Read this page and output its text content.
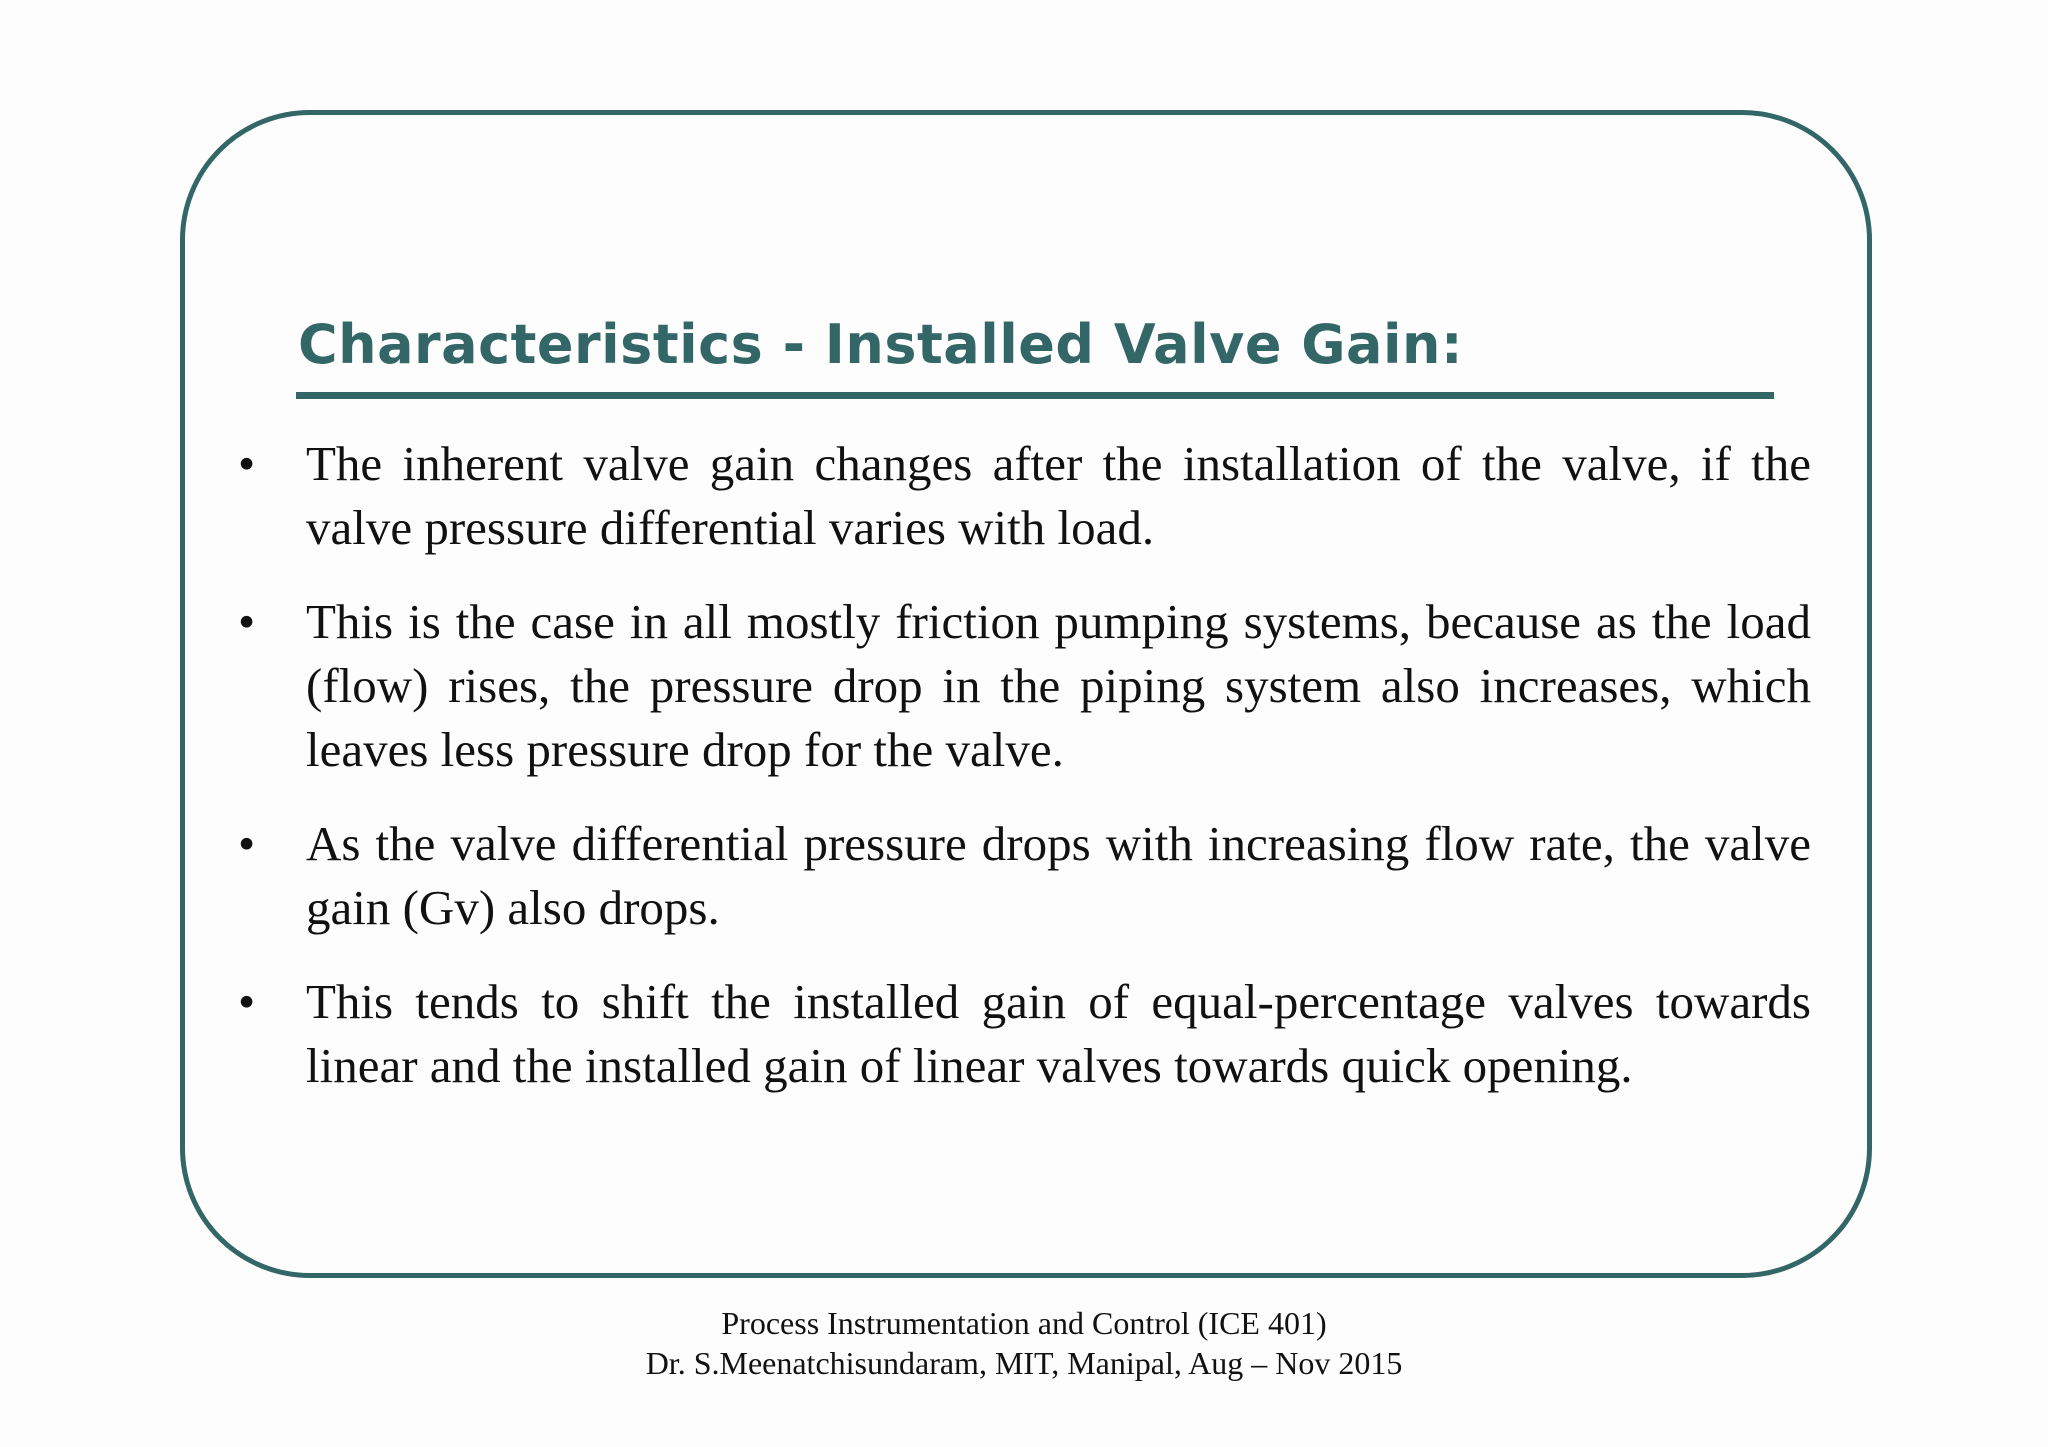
Characteristics - Installed Valve Gain:
• The inherent valve gain changes after the installation of the valve, if the valve pressure differential varies with load.
• This is the case in all mostly friction pumping systems, because as the load (flow) rises, the pressure drop in the piping system also increases, which leaves less pressure drop for the valve.
• As the valve differential pressure drops with increasing flow rate, the valve gain (Gv) also drops.
• This tends to shift the installed gain of equal-percentage valves towards linear and the installed gain of linear valves towards quick opening.
Process Instrumentation and Control (ICE 401)
Dr. S.Meenatchisundaram, MIT, Manipal, Aug – Nov 2015
